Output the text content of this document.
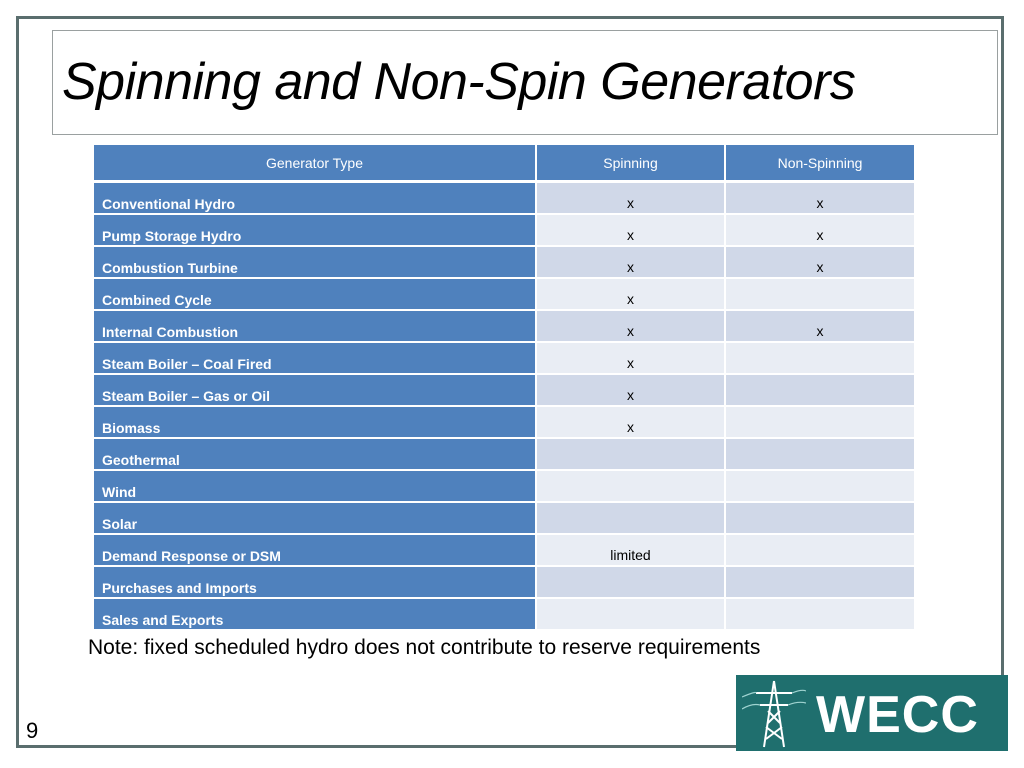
Spinning and Non-Spin Generators
Generator Type	Spinning	Non-Spinning
Conventional Hydro	x	x
Pump Storage Hydro	x	x
Combustion Turbine	x	x
Combined Cycle	x	
Internal Combustion	x	x
Steam Boiler – Coal Fired	x	
Steam Boiler – Gas or Oil	x	
Biomass	x	
Geothermal		
Wind		
Solar		
Demand Response or DSM	limited	
Purchases and Imports		
Sales and Exports		
Note: fixed scheduled hydro does not contribute to reserve requirements
9	WECC
